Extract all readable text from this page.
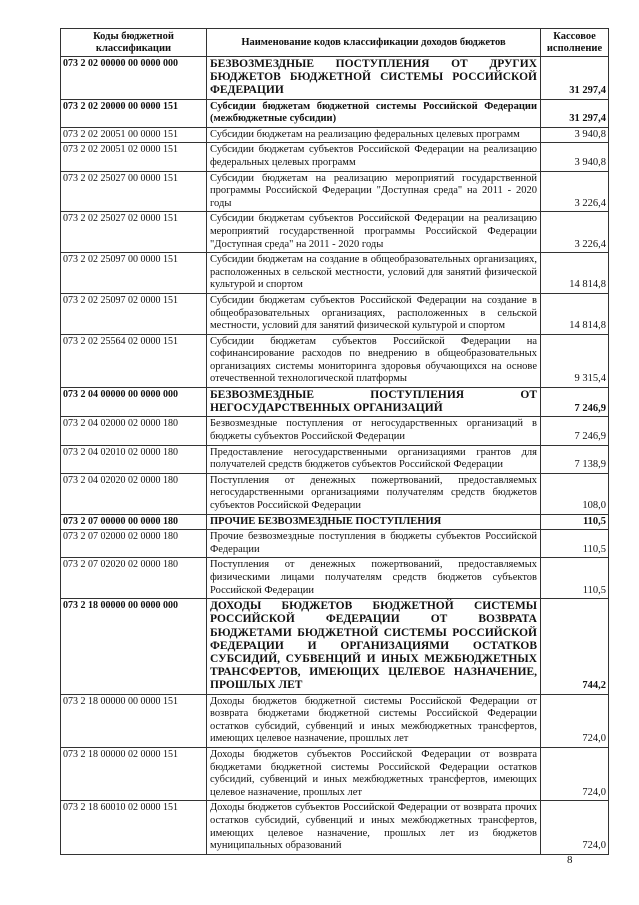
Коды бюджетной классификации	Наименование кодов классификации доходов бюджетов	Кассовое исполнение
073 2 02 00000 00 0000 000	БЕЗВОЗМЕЗДНЫЕ ПОСТУПЛЕНИЯ ОТ ДРУГИХ БЮДЖЕТОВ БЮДЖЕТНОЙ СИСТЕМЫ РОССИЙСКОЙ ФЕДЕРАЦИИ	31 297,4
073 2 02 20000 00 0000 151	Субсидии бюджетам бюджетной системы Российской Федерации (межбюджетные субсидии)	31 297,4
073 2 02 20051 00 0000 151	Субсидии бюджетам на реализацию федеральных целевых программ	3 940,8
073 2 02 20051 02 0000 151	Субсидии бюджетам субъектов Российской Федерации на реализацию федеральных целевых программ	3 940,8
073 2 02 25027 00 0000 151	Субсидии бюджетам на реализацию мероприятий государственной программы Российской Федерации "Доступная среда" на 2011 - 2020 годы	3 226,4
073 2 02 25027 02 0000 151	Субсидии бюджетам субъектов Российской Федерации на реализацию мероприятий государственной программы Российской Федерации "Доступная среда" на 2011 - 2020 годы	3 226,4
073 2 02 25097 00 0000 151	Субсидии бюджетам на создание в общеобразовательных организациях, расположенных в сельской местности, условий для занятий физической культурой и спортом	14 814,8
073 2 02 25097 02 0000 151	Субсидии бюджетам субъектов Российской Федерации на создание в общеобразовательных организациях, расположенных в сельской местности, условий для занятий физической культурой и спортом	14 814,8
073 2 02 25564 02 0000 151	Субсидии бюджетам субъектов Российской Федерации на софинансирование расходов по внедрению в общеобразовательных организациях системы мониторинга здоровья обучающихся на основе отечественной технологической платформы	9 315,4
073 2 04 00000 00 0000 000	БЕЗВОЗМЕЗДНЫЕ ПОСТУПЛЕНИЯ ОТ НЕГОСУДАРСТВЕННЫХ ОРГАНИЗАЦИЙ	7 246,9
073 2 04 02000 02 0000 180	Безвозмездные поступления от негосударственных организаций в бюджеты субъектов Российской Федерации	7 246,9
073 2 04 02010 02 0000 180	Предоставление негосударственными организациями грантов для получателей средств бюджетов субъектов Российской Федерации	7 138,9
073 2 04 02020 02 0000 180	Поступления от денежных пожертвований, предоставляемых негосударственными организациями получателям средств бюджетов субъектов Российской Федерации	108,0
073 2 07 00000 00 0000 180	ПРОЧИЕ БЕЗВОЗМЕЗДНЫЕ ПОСТУПЛЕНИЯ	110,5
073 2 07 02000 02 0000 180	Прочие безвозмездные поступления в бюджеты субъектов Российской Федерации	110,5
073 2 07 02020 02 0000 180	Поступления от денежных пожертвований, предоставляемых физическими лицами получателям средств бюджетов субъектов Российской Федерации	110,5
073 2 18 00000 00 0000 000	ДОХОДЫ БЮДЖЕТОВ БЮДЖЕТНОЙ СИСТЕМЫ РОССИЙСКОЙ ФЕДЕРАЦИИ ОТ ВОЗВРАТА БЮДЖЕТАМИ БЮДЖЕТНОЙ СИСТЕМЫ РОССИЙСКОЙ ФЕДЕРАЦИИ И ОРГАНИЗАЦИЯМИ ОСТАТКОВ СУБСИДИЙ, СУБВЕНЦИЙ И ИНЫХ МЕЖБЮДЖЕТНЫХ ТРАНСФЕРТОВ, ИМЕЮЩИХ ЦЕЛЕВОЕ НАЗНАЧЕНИЕ, ПРОШЛЫХ ЛЕТ	744,2
073 2 18 00000 00 0000 151	Доходы бюджетов бюджетной системы Российской Федерации от возврата бюджетами бюджетной системы Российской Федерации остатков субсидий, субвенций и иных межбюджетных трансфертов, имеющих целевое назначение, прошлых лет	724,0
073 2 18 00000 02 0000 151	Доходы бюджетов субъектов Российской Федерации от возврата бюджетами бюджетной системы Российской Федерации остатков субсидий, субвенций и иных межбюджетных трансфертов, имеющих целевое назначение, прошлых лет	724,0
073 2 18 60010 02 0000 151	Доходы бюджетов субъектов Российской Федерации от возврата прочих остатков субсидий, субвенций и иных межбюджетных трансфертов, имеющих целевое назначение, прошлых лет из бюджетов муниципальных образований	724,0
8
